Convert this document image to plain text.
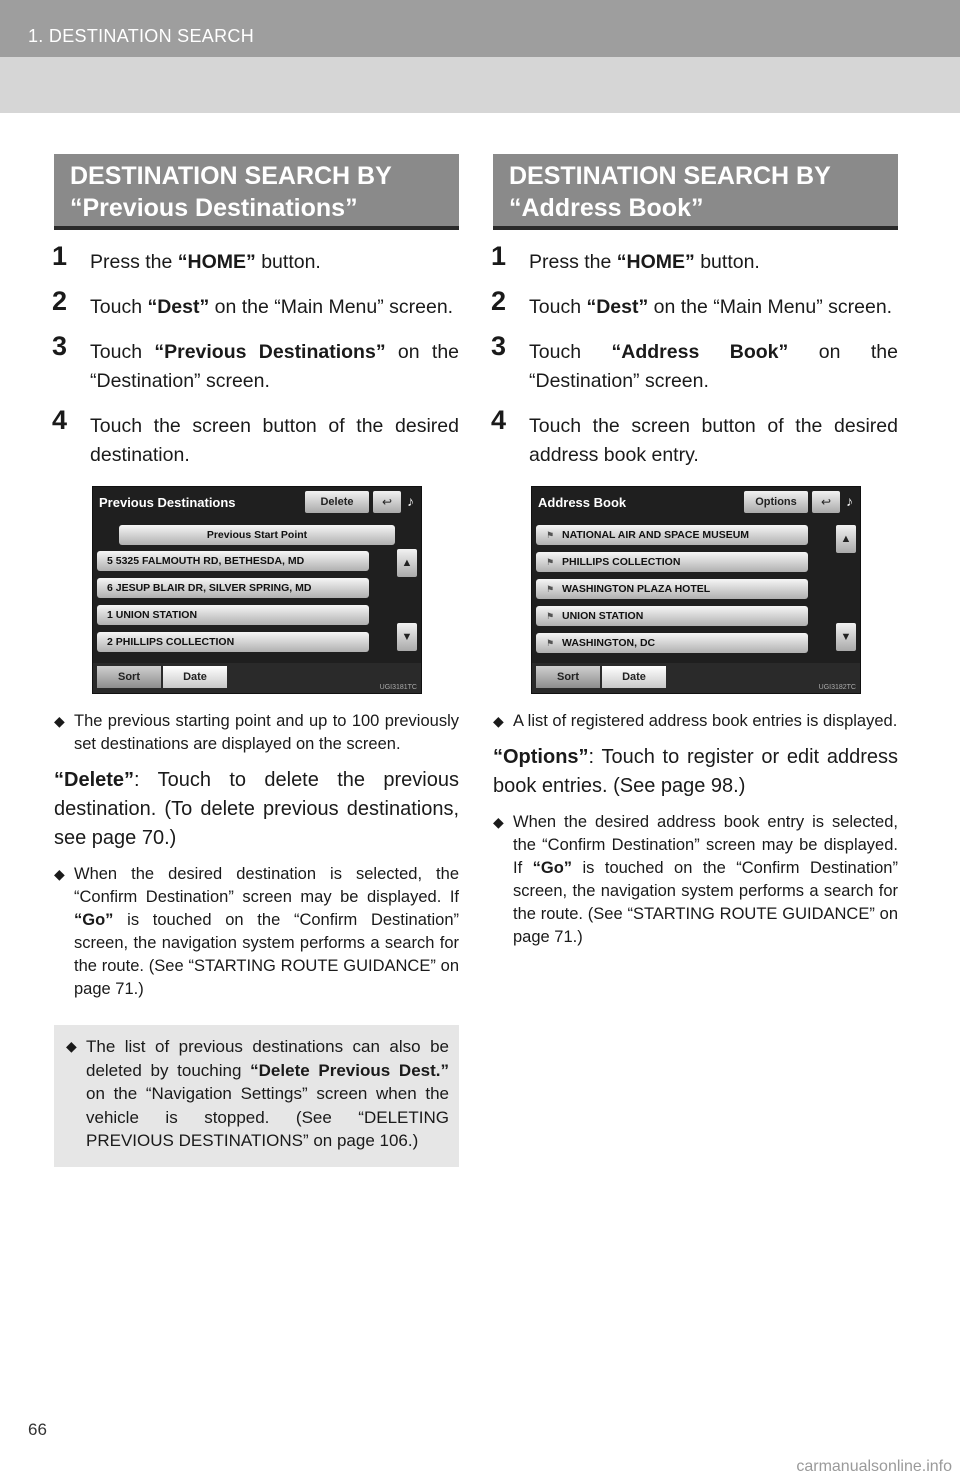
1. DESTINATION SEARCH
DESTINATION SEARCH BY
“Previous Destinations”
1 Press the “HOME” button.
2 Touch “Dest” on the “Main Menu” screen.
3 Touch “Previous Destinations” on the “Destination” screen.
4 Touch the screen button of the desired destination.
Previous Destinations	Delete	↩	♪
Previous Start Point
5 5325 FALMOUTH RD, BETHESDA, MD
6 JESUP BLAIR DR, SILVER SPRING, MD
1 UNION STATION
2 PHILLIPS COLLECTION
▲
▼
Sort	Date
UGI3181TC
◆ The previous starting point and up to 100 previously set destinations are displayed on the screen.
“Delete”: Touch to delete the previous destination. (To delete previous destinations, see page 70.)
◆ When the desired destination is selected, the “Confirm Destination” screen may be displayed. If “Go” is touched on the “Confirm Destination” screen, the navigation system performs a search for the route. (See “STARTING ROUTE GUIDANCE” on page 71.)
◆ The list of previous destinations can also be deleted by touching “Delete Previous Dest.” on the “Navigation Settings” screen when the vehicle is stopped. (See “DELETING PREVIOUS DESTINATIONS” on page 106.)
DESTINATION SEARCH BY
“Address Book”
1 Press the “HOME” button.
2 Touch “Dest” on the “Main Menu” screen.
3 Touch “Address Book” on the “Destination” screen.
4 Touch the screen button of the desired address book entry.
Address Book	Options	↩	♪
⚑ NATIONAL AIR AND SPACE MUSEUM
⚑ PHILLIPS COLLECTION
⚑ WASHINGTON PLAZA HOTEL
⚑ UNION STATION
⚑ WASHINGTON, DC
▲
▼
Sort	Date
UGI3182TC
◆ A list of registered address book entries is displayed.
“Options”: Touch to register or edit address book entries. (See page 98.)
◆ When the desired address book entry is selected, the “Confirm Destination” screen may be displayed. If “Go” is touched on the “Confirm Destination” screen, the navigation system performs a search for the route. (See “STARTING ROUTE GUIDANCE” on page 71.)
66
carmanualsonline.info
